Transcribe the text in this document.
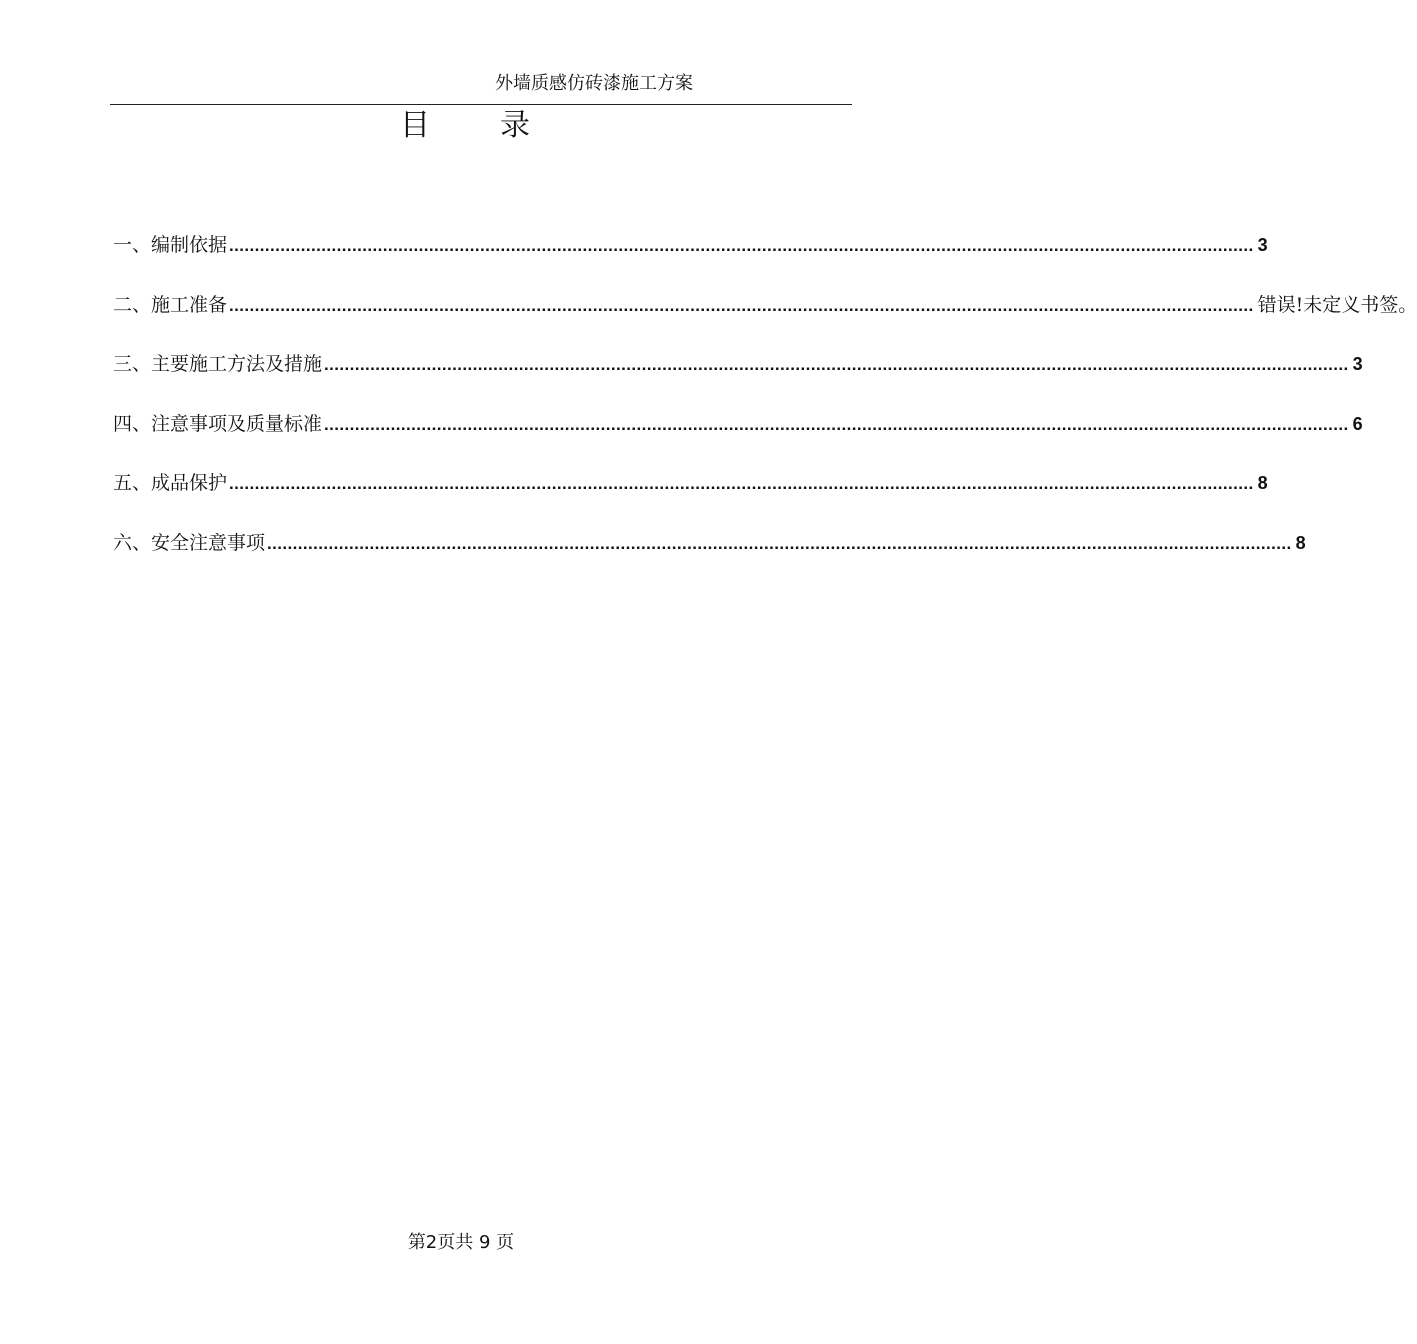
外墙质感仿砖漆施工方案
目录
一、编制依据 ........................................................................................................................................................................................................ 3
二、施工准备 ........................................................................................................................................................................................................ 错误!未定义书签。
三、主要施工方法及措施 ........................................................................................................................................................................................................ 3
四、注意事项及质量标准 ........................................................................................................................................................................................................ 6
五、成品保护 ........................................................................................................................................................................................................ 8
六、安全注意事项 ........................................................................................................................................................................................................ 8
第2页共 9 页
